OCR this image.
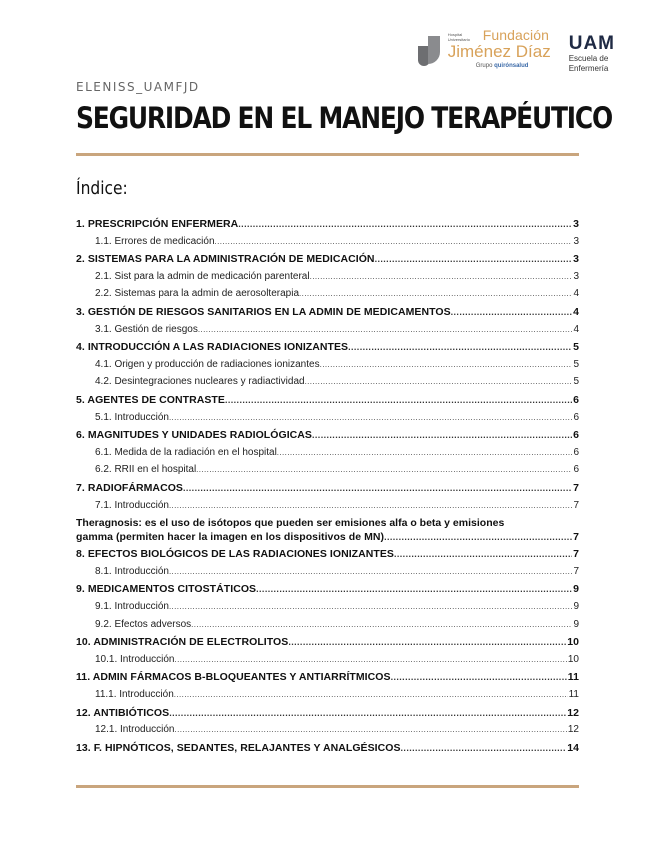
Hospital Universitario Fundación
Jiménez Díaz
Grupo quirónsalud
UAM
Escuela de
Enfermería
ELENISS_UAMFJD
SEGURIDAD EN EL MANEJO TERAPÉUTICO
Índice:
1. PRESCRIPCIÓN ENFERMERA .....	3
1.1. Errores de medicación .....	3
2. SISTEMAS PARA LA ADMINISTRACIÓN DE MEDICACIÓN .....	3
2.1. Sist para la admin de medicación parenteral .....	3
2.2. Sistemas para la admin de aerosolterapia .....	4
3. GESTIÓN DE RIESGOS SANITARIOS EN LA ADMIN DE MEDICAMENTOS .....	4
3.1. Gestión de riesgos .....	4
4. INTRODUCCIÓN A LAS RADIACIONES IONIZANTES .....	5
4.1. Origen y producción de radiaciones ionizantes .....	5
4.2. Desintegraciones nucleares y radiactividad .....	5
5. AGENTES DE CONTRASTE .....	6
5.1. Introducción .....	6
6. MAGNITUDES Y UNIDADES RADIOLÓGICAS .....	6
6.1. Medida de la radiación en el hospital .....	6
6.2. RRII en el hospital .....	6
7. RADIOFÁRMACOS .....	7
7.1. Introducción .....	7
Theragnosis: es el uso de isótopos que pueden ser emisiones alfa o beta y emisiones
gamma (permiten hacer la imagen en los dispositivos de MN) .....	7
8. EFECTOS BIOLÓGICOS DE LAS RADIACIONES IONIZANTES .....	7
8.1. Introducción .....	7
9. MEDICAMENTOS CITOSTÁTICOS .....	9
9.1. Introducción .....	9
9.2. Efectos adversos .....	9
10. ADMINISTRACIÓN DE ELECTROLITOS .....	10
10.1. Introducción .....	10
11. ADMIN FÁRMACOS B-BLOQUEANTES Y ANTIARRÍTMICOS .....	11
11.1. Introducción .....	11
12. ANTIBIÓTICOS .....	12
12.1. Introducción .....	12
13. F. HIPNÓTICOS, SEDANTES, RELAJANTES Y ANALGÉSICOS .....	14
